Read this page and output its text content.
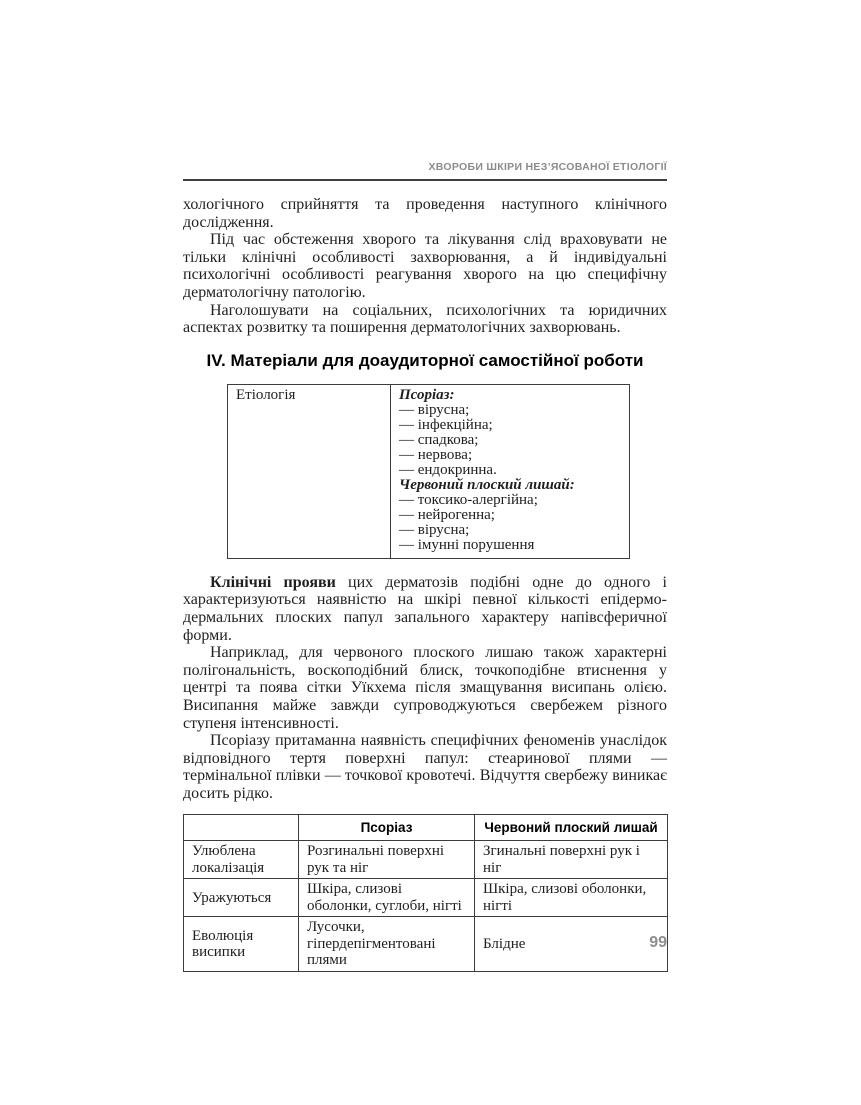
ХВОРОБИ ШКІРИ НЕЗ’ЯСОВАНОЇ ЕТІОЛОГІЇ

хологічного сприйняття та проведення наступного клінічного дослідження.

Під час обстеження хворого та лікування слід враховувати не тільки клінічні особливості захворювання, а й індивідуальні психологічні особливості реагування хворого на цю специфічну дерматологічну патологію.

Наголошувати на соціальних, психологічних та юридичних аспектах розвитку та поширення дерматологічних захворювань.

IV. Матеріали для доаудиторної самостійної роботи
Етіологія	Псоріаз:
— вірусна;
— інфекційна;
— спадкова;
— нервова;
— ендокринна.
Червоний плоский лишай:
— токсико-алергійна;
— нейрогенна;
— вірусна;
— імунні порушення

Клінічні прояви цих дерматозів подібні одне до одного і характеризуються наявністю на шкірі певної кількості епідермо-дермальних плоских папул запального характеру напівсферичної форми.

Наприклад, для червоного плоского лишаю також характерні полігональність, воскоподібний блиск, точкоподібне втиснення у центрі та поява сітки Уїкхема після змащування висипань олією. Висипання майже завжди супроводжуються свербежем різного ступеня інтенсивності.

Псоріазу притаманна наявність специфічних феноменів унаслідок відповідного тертя поверхні папул: стеаринової плями — термінальної плівки — точкової кровотечі. Відчуття свербежу виникає досить рідко.

	Псоріаз	Червоний плоский лишай
Улюблена локалізація	Розгинальні поверхні рук та ніг	Згинальні поверхні рук і ніг
Уражуються	Шкіра, слизові оболонки, суглоби, нігті	Шкіра, слизові оболонки, нігті
Еволюція висипки	Лусочки, гіпердепігментовані плями	Блідне	99
